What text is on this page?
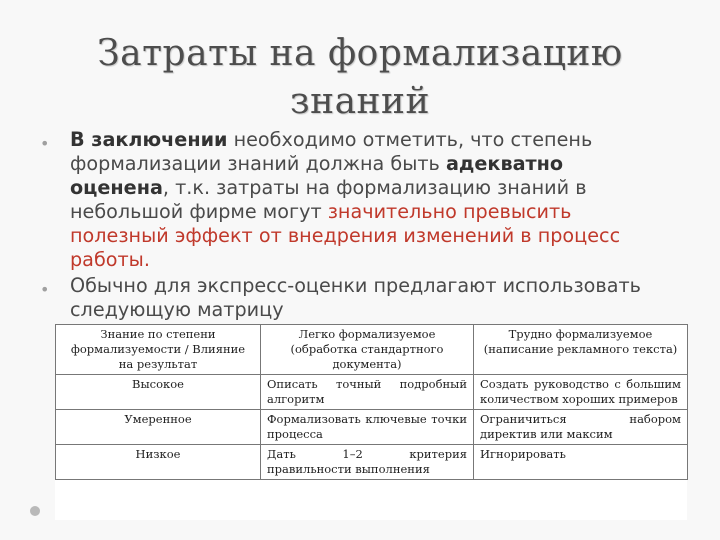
Затраты на формализацию
знаний
• В заключении необходимо отметить, что степень формализации знаний должна быть адекватно оценена, т.к. затраты на формализацию знаний в небольшой фирме могут значительно превысить полезный эффект от внедрения изменений в процесс работы.
• Обычно для экспресс-оценки предлагают использовать следующую матрицу
Знание по степени формализуемости / Влияние на результат	Легко формализуемое (обработка стандартного документа)	Трудно формализуемое (написание рекламного текста)
Высокое	Описать точный подробный алгоритм	Создать руководство с большим количеством хороших примеров
Умеренное	Формализовать ключевые точки процесса	Ограничиться набором директив или максим
Низкое	Дать 1–2 критерия правильности выполнения	Игнорировать
